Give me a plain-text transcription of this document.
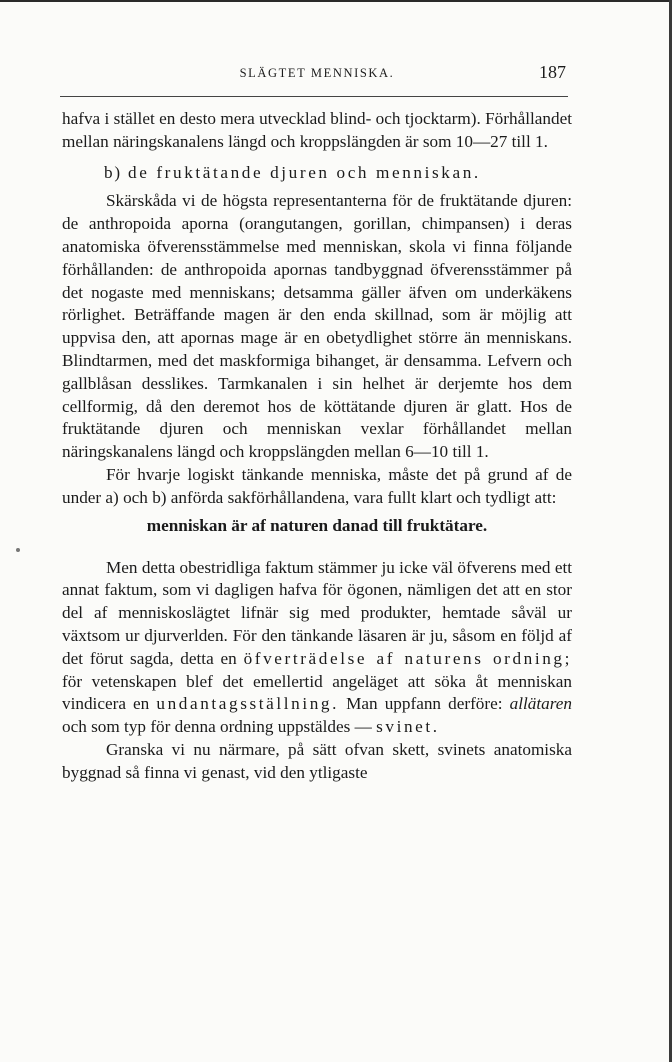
SLÄGTET MENNISKA.	187

hafva i stället en desto mera utvecklad blind- och tjocktarm). Förhållandet mellan näringskanalens längd och kroppslängden är som 10—27 till 1.

b) de fruktätande djuren och menniskan.

Skärskåda vi de högsta representanterna för de fruktätande djuren: de anthropoida aporna (orangutangen, gorillan, chimpansen) i deras anatomiska öfverensstämmelse med menniskan, skola vi finna följande förhållanden: de anthropoida apornas tandbyggnad öfverensstämmer på det nogaste med menniskans; detsamma gäller äfven om underkäkens rörlighet. Beträffande magen är den enda skillnad, som är möjlig att uppvisa den, att apornas mage är en obetydlighet större än menniskans. Blindtarmen, med det maskformiga bihanget, är densamma. Lefvern och gallblåsan desslikes. Tarmkanalen i sin helhet är derjemte hos dem cellformig, då den deremot hos de köttätande djuren är glatt. Hos de fruktätande djuren och menniskan vexlar förhållandet mellan näringskanalens längd och kroppslängden mellan 6—10 till 1.

För hvarje logiskt tänkande menniska, måste det på grund af de under a) och b) anförda sakförhållandena, vara fullt klart och tydligt att:

menniskan är af naturen danad till fruktätare.

Men detta obestridliga faktum stämmer ju icke väl öfverens med ett annat faktum, som vi dagligen hafva för ögonen, nämligen det att en stor del af menniskoslägtet lifnär sig med produkter, hemtade såväl ur växtsom ur djurverlden. För den tänkande läsaren är ju, såsom en följd af det förut sagda, detta en öfverträdelse af naturens ordning; för vetenskapen blef det emellertid angeläget att söka åt menniskan vindicera en undantagsställning. Man uppfann derföre: allätaren och som typ för denna ordning uppstäldes — svinet.

Granska vi nu närmare, på sätt ofvan skett, svinets anatomiska byggnad så finna vi genast, vid den ytligaste
